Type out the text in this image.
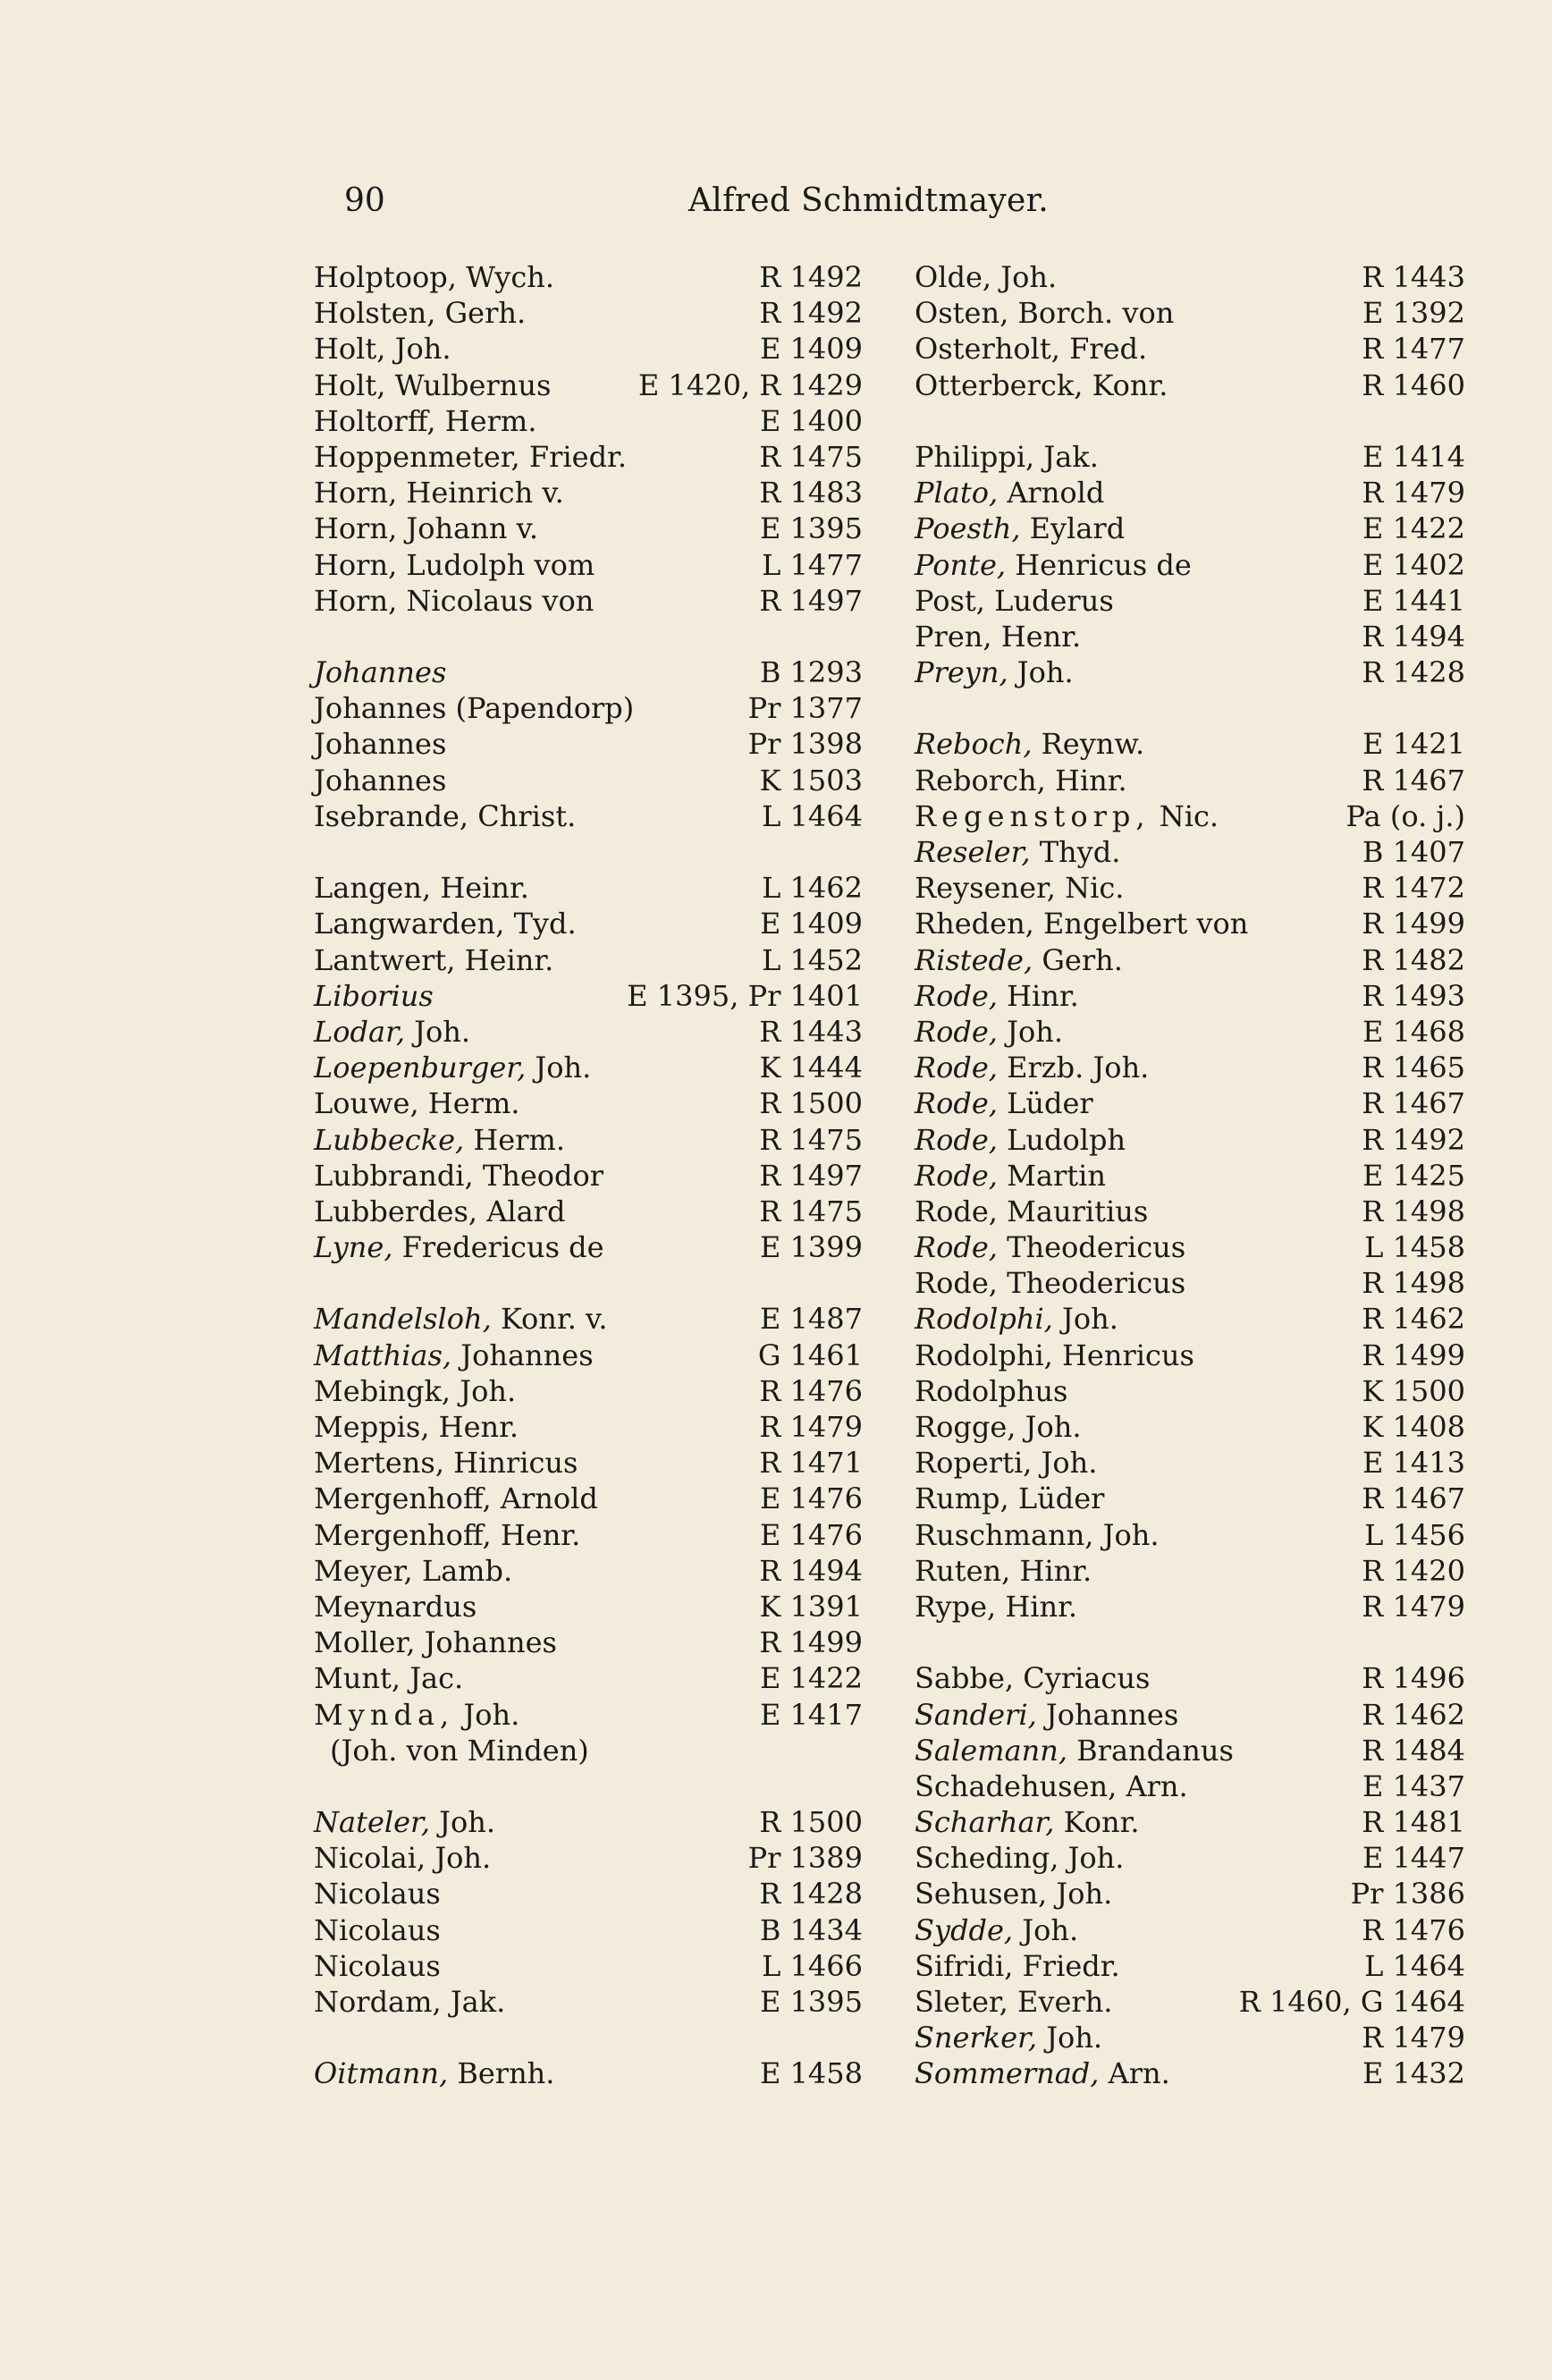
90	Alfred Schmidtmayer.
Holptoop, Wych.	R 1492
Holsten, Gerh.	R 1492
Holt, Joh.	E 1409
Holt, Wulbernus	E 1420, R 1429
Holtorff, Herm.	E 1400
Hoppenmeter, Friedr.	R 1475
Horn, Heinrich v.	R 1483
Horn, Johann v.	E 1395
Horn, Ludolph vom	L 1477
Horn, Nicolaus von	R 1497
Johannes	B 1293
Johannes (Papendorp)	Pr 1377
Johannes	Pr 1398
Johannes	K 1503
Isebrande, Christ.	L 1464
Langen, Heinr.	L 1462
Langwarden, Tyd.	E 1409
Lantwert, Heinr.	L 1452
Liborius	E 1395, Pr 1401
Lodar, Joh.	R 1443
Loepenburger, Joh.	K 1444
Louwe, Herm.	R 1500
Lubbecke, Herm.	R 1475
Lubbrandi, Theodor	R 1497
Lubberdes, Alard	R 1475
Lyne, Fredericus de	E 1399
Mandelsloh, Konr. v.	E 1487
Matthias, Johannes	G 1461
Mebingk, Joh.	R 1476
Meppis, Henr.	R 1479
Mertens, Hinricus	R 1471
Mergenhoff, Arnold	E 1476
Mergenhoff, Henr.	E 1476
Meyer, Lamb.	R 1494
Meynardus	K 1391
Moller, Johannes	R 1499
Munt, Jac.	E 1422
Mynda, Joh.	E 1417
(Joh. von Minden)
Nateler, Joh.	R 1500
Nicolai, Joh.	Pr 1389
Nicolaus	R 1428
Nicolaus	B 1434
Nicolaus	L 1466
Nordam, Jak.	E 1395
Oitmann, Bernh.	E 1458
Olde, Joh.	R 1443
Osten, Borch. von	E 1392
Osterholt, Fred.	R 1477
Otterberck, Konr.	R 1460
Philippi, Jak.	E 1414
Plato, Arnold	R 1479
Poesth, Eylard	E 1422
Ponte, Henricus de	E 1402
Post, Luderus	E 1441
Pren, Henr.	R 1494
Preyn, Joh.	R 1428
Reboch, Reynw.	E 1421
Reborch, Hinr.	R 1467
Regenstorp, Nic.	Pa (o. j.)
Reseler, Thyd.	B 1407
Reysener, Nic.	R 1472
Rheden, Engelbert von	R 1499
Ristede, Gerh.	R 1482
Rode, Hinr.	R 1493
Rode, Joh.	E 1468
Rode, Erzb. Joh.	R 1465
Rode, Lüder	R 1467
Rode, Ludolph	R 1492
Rode, Martin	E 1425
Rode, Mauritius	R 1498
Rode, Theodericus	L 1458
Rode, Theodericus	R 1498
Rodolphi, Joh.	R 1462
Rodolphi, Henricus	R 1499
Rodolphus	K 1500
Rogge, Joh.	K 1408
Roperti, Joh.	E 1413
Rump, Lüder	R 1467
Ruschmann, Joh.	L 1456
Ruten, Hinr.	R 1420
Rype, Hinr.	R 1479
Sabbe, Cyriacus	R 1496
Sanderi, Johannes	R 1462
Salemann, Brandanus	R 1484
Schadehusen, Arn.	E 1437
Scharhar, Konr.	R 1481
Scheding, Joh.	E 1447
Sehusen, Joh.	Pr 1386
Sydde, Joh.	R 1476
Sifridi, Friedr.	L 1464
Sleter, Everh.	R 1460, G 1464
Snerker, Joh.	R 1479
Sommernad, Arn.	E 1432
